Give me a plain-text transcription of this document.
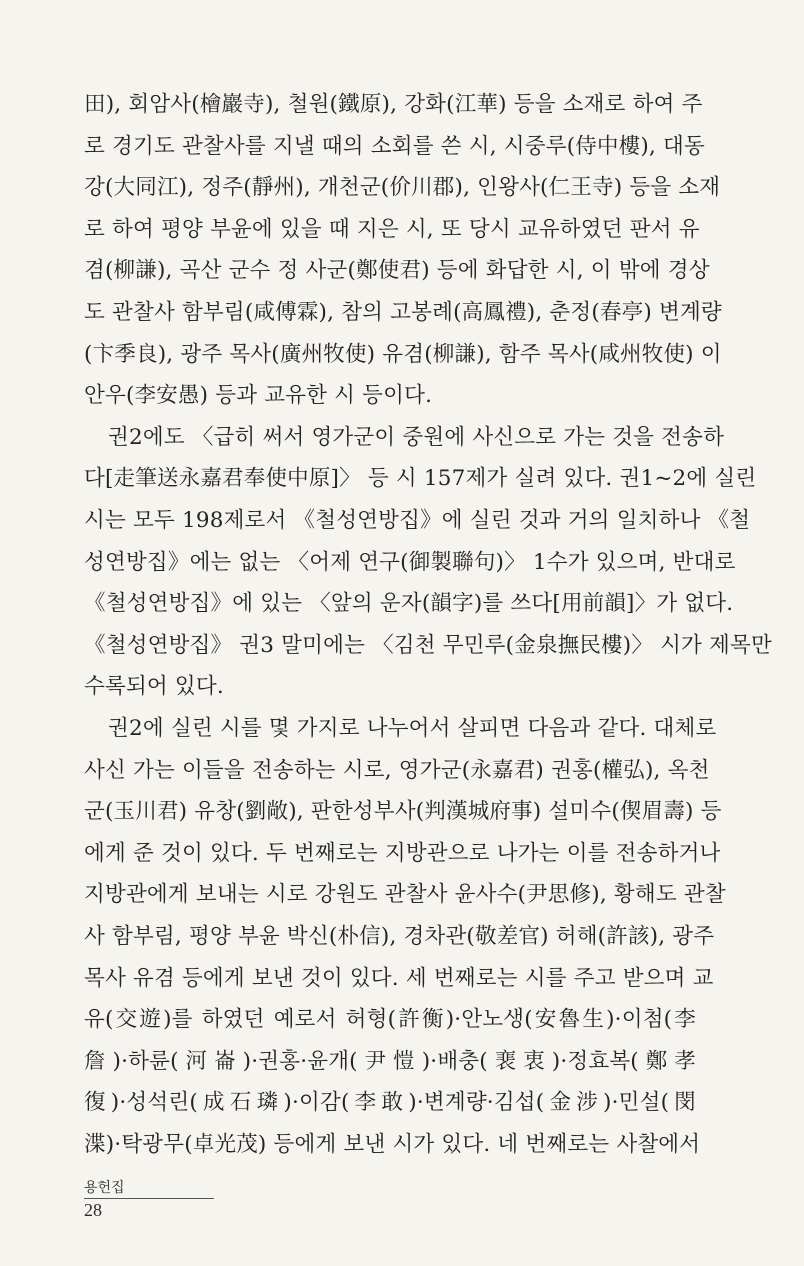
田), 회암사(檜巖寺), 철원(鐵原), 강화(江華) 등을 소재로 하여 주
로 경기도 관찰사를 지낼 때의 소회를 쓴 시, 시중루(侍中樓), 대동
강(大同江), 정주(靜州), 개천군(价川郡), 인왕사(仁王寺) 등을 소재
로 하여 평양 부윤에 있을 때 지은 시, 또 당시 교유하였던 판서 유
겸(柳謙), 곡산 군수 정 사군(鄭使君) 등에 화답한 시, 이 밖에 경상
도 관찰사 함부림(咸傅霖), 참의 고봉례(高鳳禮), 춘정(春亭) 변계량
(卞季良), 광주 목사(廣州牧使) 유겸(柳謙), 함주 목사(咸州牧使) 이
안우(李安愚) 등과 교유한 시 등이다.
권2에도 〈급히 써서 영가군이 중원에 사신으로 가는 것을 전송하
다[走筆送永嘉君奉使中原]〉 등 시 157제가 실려 있다. 권1~2에 실린
시는 모두 198제로서 《철성연방집》에 실린 것과 거의 일치하나 《철
성연방집》에는 없는 〈어제 연구(御製聯句)〉 1수가 있으며, 반대로
《철성연방집》에 있는 〈앞의 운자(韻字)를 쓰다[用前韻]〉가 없다.
《철성연방집》 권3 말미에는 〈김천 무민루(金泉撫民樓)〉 시가 제목만
수록되어 있다.
권2에 실린 시를 몇 가지로 나누어서 살피면 다음과 같다. 대체로
사신 가는 이들을 전송하는 시로, 영가군(永嘉君) 권홍(權弘), 옥천
군(玉川君) 유창(劉敞), 판한성부사(判漢城府事) 설미수(偰眉壽) 등
에게 준 것이 있다. 두 번째로는 지방관으로 나가는 이를 전송하거나
지방관에게 보내는 시로 강원도 관찰사 윤사수(尹思修), 황해도 관찰
사 함부림, 평양 부윤 박신(朴信), 경차관(敬差官) 허해(許該), 광주
목사 유겸 등에게 보낸 것이 있다. 세 번째로는 시를 주고 받으며 교
유(交遊)를 하였던 예로서 허형(許衡)·안노생(安魯生)·이첨(李
詹)·하륜(河崙)·권홍·윤개(尹愷)·배충(裵衷)·정효복(鄭孝
復)·성석린(成石璘)·이감(李敢)·변계량·김섭(金涉)·민설(閔
渫)·탁광무(卓光茂) 등에게 보낸 시가 있다. 네 번째로는 사찰에서
용헌집
28
